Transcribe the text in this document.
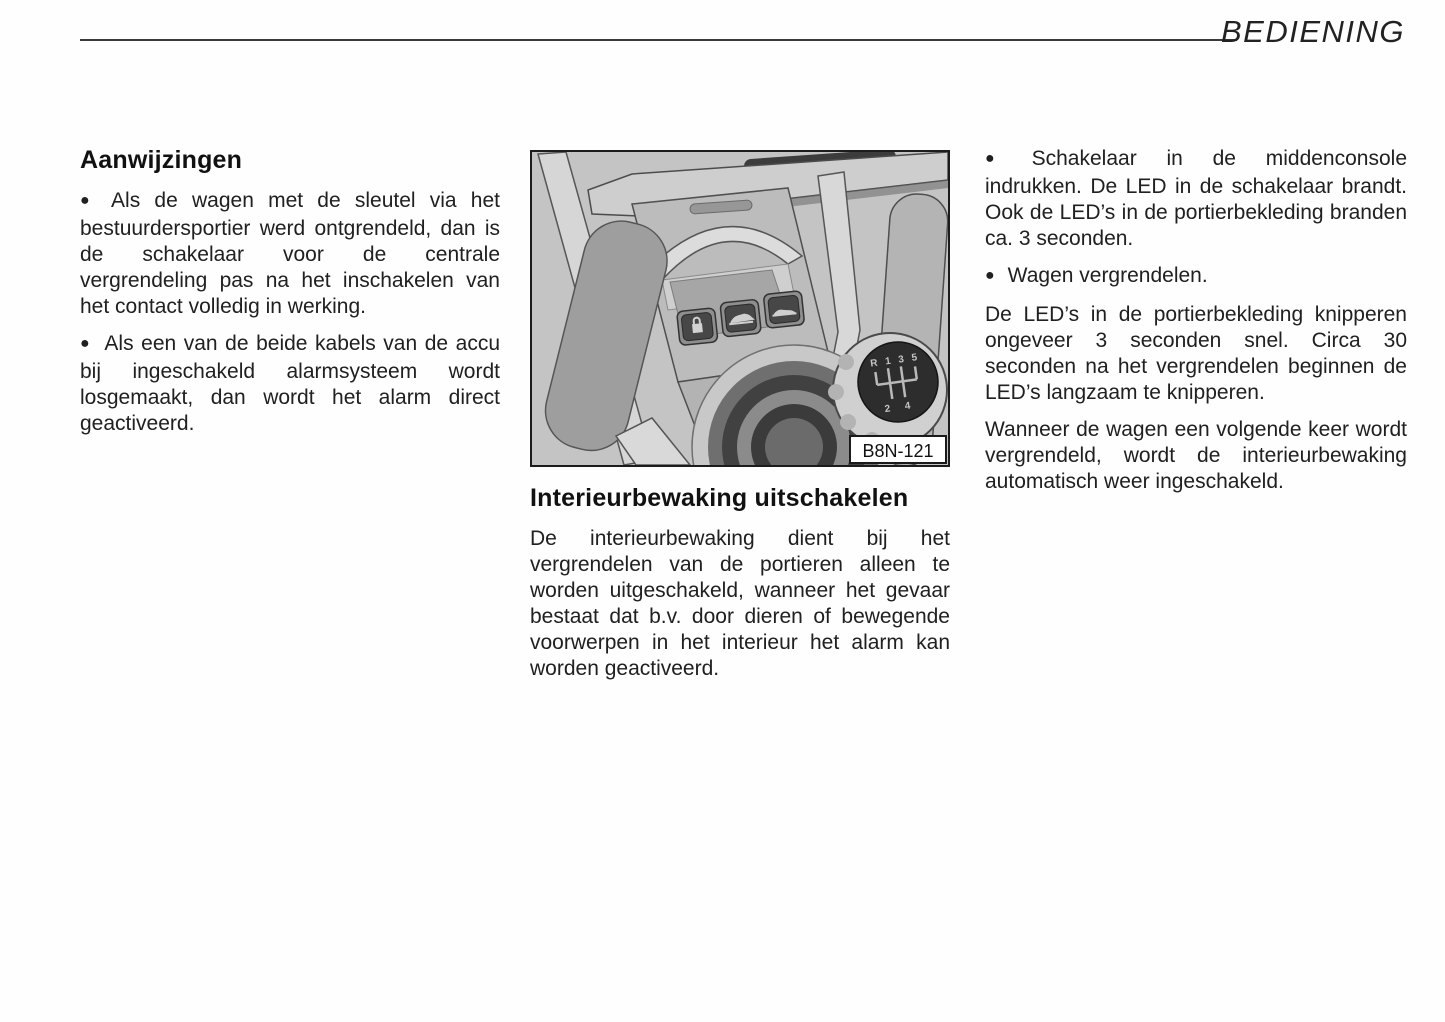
BEDIENING
Aanwijzingen

● Als de wagen met de sleutel via het bestuurdersportier werd ontgrendeld, dan is de schakelaar voor de centrale vergrendeling pas na het inschakelen van het contact volledig in werking.

● Als een van de beide kabels van de accu bij ingeschakeld alarmsysteem wordt losgemaakt, dan wordt het alarm direct geactiveerd.

R 1 3 5
2 4
B8N-121
Interieurbewaking uitschakelen

De interieurbewaking dient bij het vergrendelen van de portieren alleen te worden uitgeschakeld, wanneer het gevaar bestaat dat b.v. door dieren of bewegende voorwerpen in het interieur het alarm kan worden geactiveerd.

● Schakelaar in de middenconsole indrukken. De LED in de schakelaar brandt. Ook de LED’s in de portierbekleding branden ca. 3 seconden.

● Wagen vergrendelen.

De LED’s in de portierbekleding knipperen ongeveer 3 seconden snel. Circa 30 seconden na het vergrendelen beginnen de LED’s langzaam te knipperen.

Wanneer de wagen een volgende keer wordt vergrendeld, wordt de interieurbewaking automatisch weer ingeschakeld.
